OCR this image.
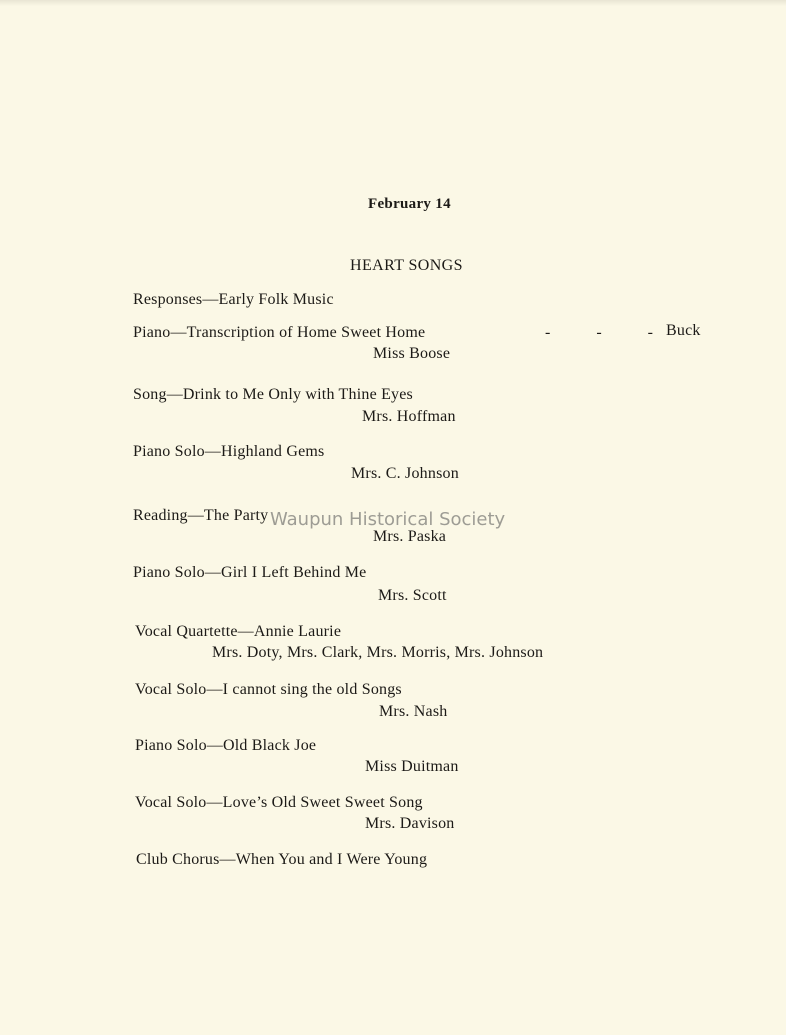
February 14
HEART SONGS
Responses—Early Folk Music
Piano—Transcription of Home Sweet Home	- - - Buck
Miss Boose
Song—Drink to Me Only with Thine Eyes
Mrs. Hoffman
Piano Solo—Highland Gems
Mrs. C. Johnson
Reading—The Party
Mrs. Paska
Piano Solo—Girl I Left Behind Me
Mrs. Scott
Vocal Quartette—Annie Laurie
Mrs. Doty, Mrs. Clark, Mrs. Morris, Mrs. Johnson
Vocal Solo—I cannot sing the old Songs
Mrs. Nash
Piano Solo—Old Black Joe
Miss Duitman
Vocal Solo—Love’s Old Sweet Sweet Song
Mrs. Davison
Club Chorus—When You and I Were Young
Waupun Historical Society
